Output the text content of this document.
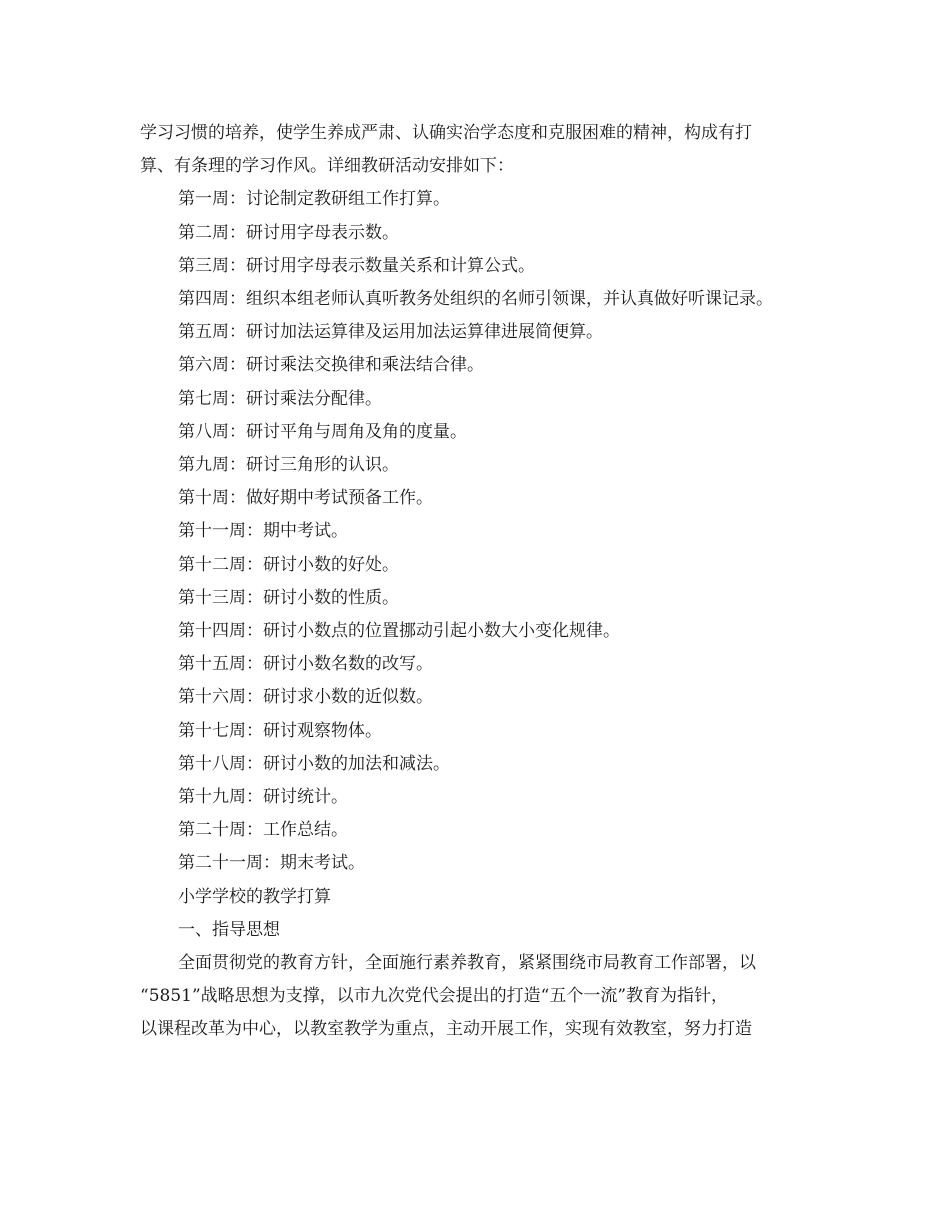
学习习惯的培养，使学生养成严肃、认确实治学态度和克服困难的精神，构成有打

算、有条理的学习作风。详细教研活动安排如下：

第一周：讨论制定教研组工作打算。

第二周：研讨用字母表示数。

第三周：研讨用字母表示数量关系和计算公式。

第四周：组织本组老师认真听教务处组织的名师引领课，并认真做好听课记录。

第五周：研讨加法运算律及运用加法运算律进展简便算。

第六周：研讨乘法交换律和乘法结合律。

第七周：研讨乘法分配律。

第八周：研讨平角与周角及角的度量。

第九周：研讨三角形的认识。

第十周：做好期中考试预备工作。

第十一周：期中考试。

第十二周：研讨小数的好处。

第十三周：研讨小数的性质。

第十四周：研讨小数点的位置挪动引起小数大小变化规律。

第十五周：研讨小数名数的改写。

第十六周：研讨求小数的近似数。

第十七周：研讨观察物体。

第十八周：研讨小数的加法和减法。

第十九周：研讨统计。

第二十周：工作总结。

第二十一周：期末考试。

小学学校的教学打算

一、指导思想

全面贯彻党的教育方针，全面施行素养教育，紧紧围绕市局教育工作部署，以

“5851”战略思想为支撑，以市九次党代会提出的打造“五个一流”教育为指针，

以课程改革为中心，以教室教学为重点，主动开展工作，实现有效教室，努力打造
